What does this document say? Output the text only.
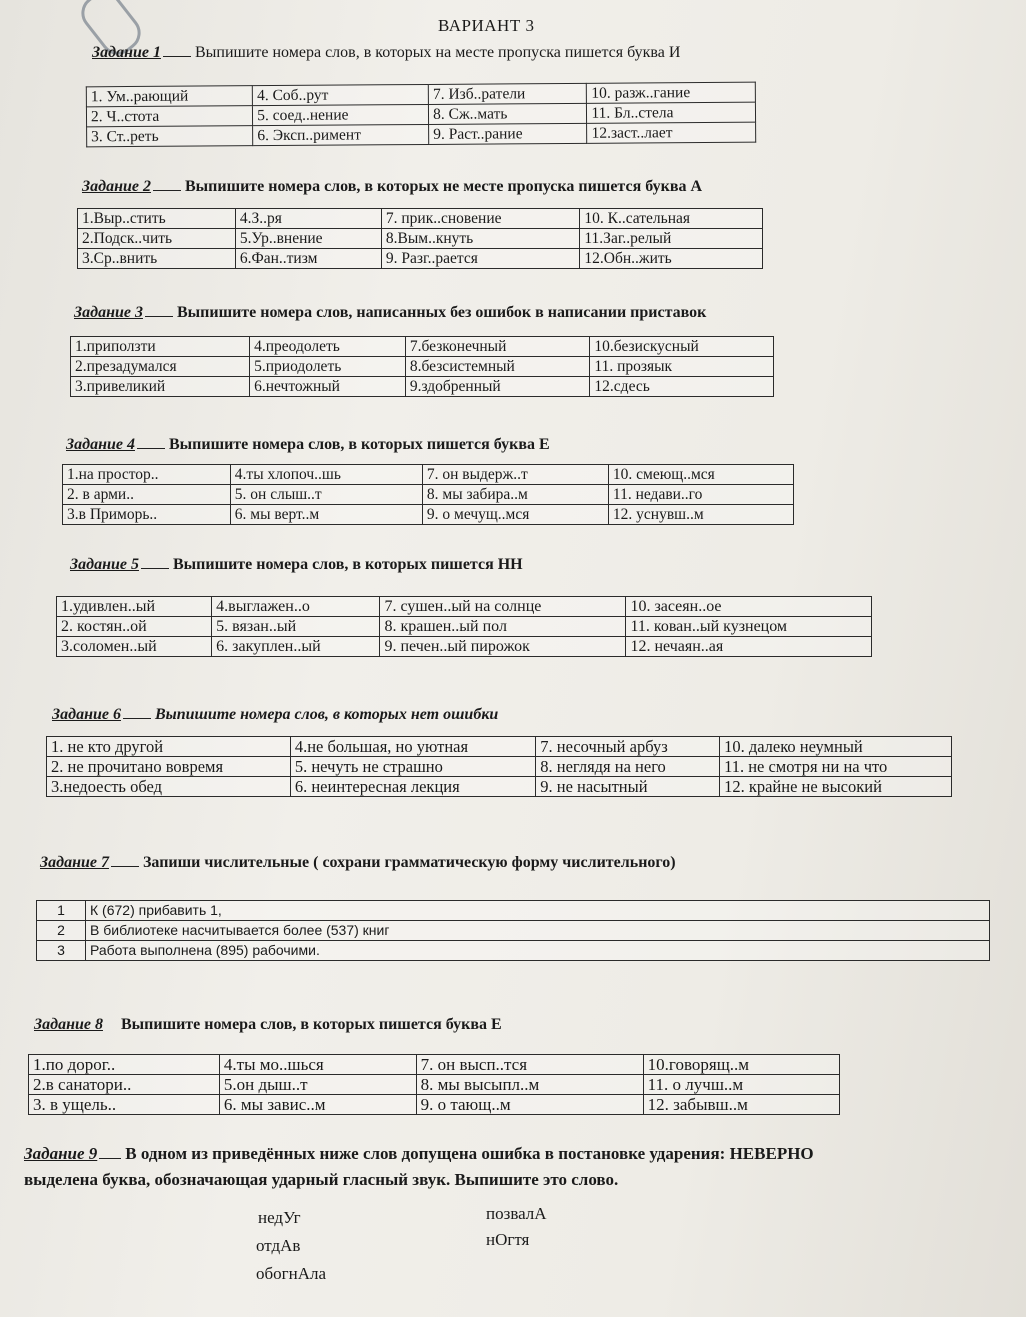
ВАРИАНТ 3
Задание 1 Выпишите номера слов, в которых на месте пропуска пишется буква И
1. Ум..рающий	4. Соб..рут	7. Изб..ратели	10. разж..гание
2. Ч..стота	5. соед..нение	8. Сж..мать	11. Бл..стела
3. Ст..реть	6. Эксп..римент	9. Раст..рание	12.заст..лает
Задание 2 Выпишите номера слов, в которых не месте пропуска пишется буква А
1.Выр..стить	4.З..ря	7. прик..сновение	10. К..сательная
2.Подск..чить	5.Ур..внение	8.Вым..кнуть	11.Заг..релый
3.Ср..внить	6.Фан..тизм	9. Разг..рается	12.Обн..жить
Задание 3 Выпишите номера слов, написанных без ошибок в написании приставок
1.приползти	4.преодолеть	7.безконечный	10.безискусный
2.презадумался	5.приодолеть	8.безсистемный	11. прозяык
3.привеликий	6.нечтожный	9.здобренный	12.сдесь
Задание 4 Выпишите номера слов, в которых пишется буква Е
1.на простор..	4.ты хлопоч..шь	7. он выдерж..т	10. смеющ..мся
2. в арми..	5. он слыш..т	8. мы забира..м	11. недави..го
3.в Приморь..	6. мы верт..м	9. о мечущ..мся	12. уснувш..м
Задание 5 Выпишите номера слов, в которых пишется НН
1.удивлен..ый	4.выглажен..о	7. сушен..ый на солнце	10. засеян..ое
2. костян..ой	5. вязан..ый	8. крашен..ый пол	11. кован..ый кузнецом
3.соломен..ый	6. закуплен..ый	9. печен..ый пирожок	12. нечаян..ая
Задание 6 Выпишите номера слов, в которых нет ошибки
1. не кто другой	4.не большая, но уютная	7. несочный арбуз	10. далеко неумный
2. не прочитано вовремя	5. нечуть не страшно	8. неглядя на него	11. не смотря ни на что
3.недоесть обед	6. неинтересная лекция	9. не насытный	12. крайне не высокий
Задание 7 Запиши числительные ( сохрани грамматическую форму числительного)
1	К (672) прибавить 1,
2	В библиотеке насчитывается более (537) книг
3	Работа выполнена (895) рабочими.
Задание 8 Выпишите номера слов, в которых пишется буква Е
1.по дорог..	4.ты мо..шься	7. он высп..тся	10.говорящ..м
2.в санатори..	5.он дыш..т	8. мы высыпл..м	11. о лучш..м
3. в ущель..	6. мы завис..м	9. о тающ..м	12. забывш..м
Задание 9 В одном из приведённых ниже слов допущена ошибка в постановке ударения: НЕВЕРНО
выделена буква, обозначающая ударный гласный звук. Выпишите это слово.
недУг
отдАв
обогнАла
позвалА
нОгтя
